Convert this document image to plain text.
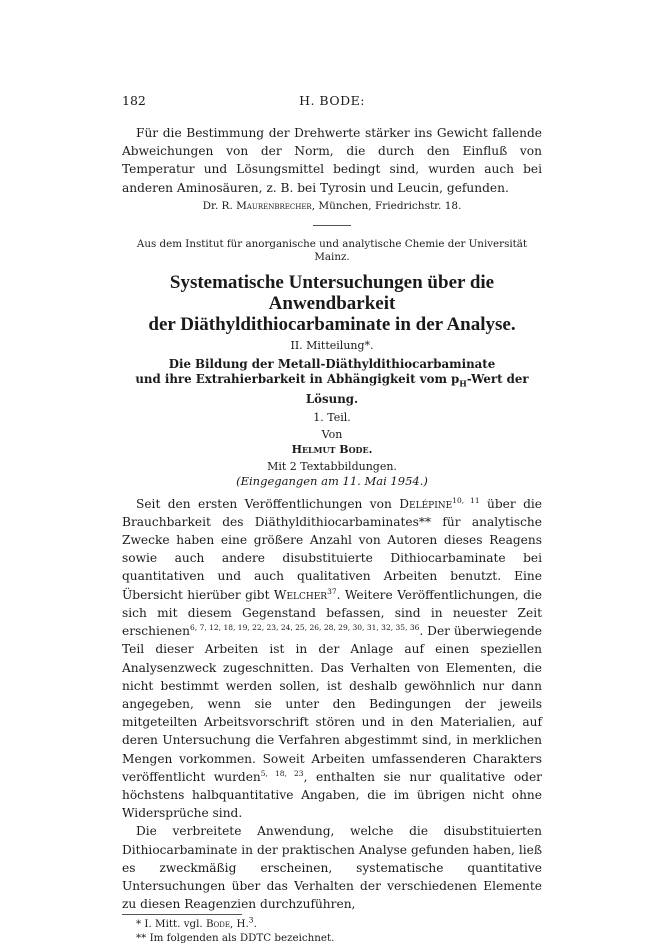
182	H. BODE:

Für die Bestimmung der Drehwerte stärker ins Gewicht fallende Abweichungen von der Norm, die durch den Einfluß von Temperatur und Lösungsmittel bedingt sind, wurden auch bei anderen Aminosäuren, z. B. bei Tyrosin und Leucin, gefunden.

Dr. R. Maurenbrecher, München, Friedrichstr. 18.

Aus dem Institut für anorganische und analytische Chemie der Universität Mainz.

Systematische Untersuchungen über die Anwendbarkeit
der Diäthyldithiocarbaminate in der Analyse.

II. Mitteilung*.

Die Bildung der Metall-Diäthyldithiocarbaminate
und ihre Extrahierbarkeit in Abhängigkeit vom $p_H$-Wert der Lösung.

1. Teil.

Von

Helmut Bode.

Mit 2 Textabbildungen.

(Eingegangen am 11. Mai 1954.)

Seit den ersten Veröffentlichungen von Delépine$^{10, 11}$ über die Brauchbarkeit des Diäthyldithiocarbaminates** für analytische Zwecke haben eine größere Anzahl von Autoren dieses Reagens sowie auch andere disubstituierte Dithiocarbaminate bei quantitativen und auch qualitativen Arbeiten benutzt. Eine Übersicht hierüber gibt Welcher$^{37}$. Weitere Veröffentlichungen, die sich mit diesem Gegenstand befassen, sind in neuester Zeit erschienen$^{6, 7, 12, 18, 19, 22, 23, 24, 25, 26, 28, 29, 30, 31, 32, 35, 36}$. Der überwiegende Teil dieser Arbeiten ist in der Anlage auf einen speziellen Analysenzweck zugeschnitten. Das Verhalten von Elementen, die nicht bestimmt werden sollen, ist deshalb gewöhnlich nur dann angegeben, wenn sie unter den Bedingungen der jeweils mitgeteilten Arbeitsvorschrift stören und in den Materialien, auf deren Untersuchung die Verfahren abgestimmt sind, in merklichen Mengen vorkommen. Soweit Arbeiten umfassenderen Charakters veröffentlicht wurden$^{5, 18, 23}$, enthalten sie nur qualitative oder höchstens halbquantitative Angaben, die im übrigen nicht ohne Widersprüche sind.

Die verbreitete Anwendung, welche die disubstituierten Dithiocarbaminate in der praktischen Analyse gefunden haben, ließ es zweckmäßig erscheinen, systematische quantitative Untersuchungen über das Verhalten der verschiedenen Elemente zu diesen Reagenzien durchzuführen,

* I. Mitt. vgl. Bode, H.$^3$.

** Im folgenden als DDTC bezeichnet.
